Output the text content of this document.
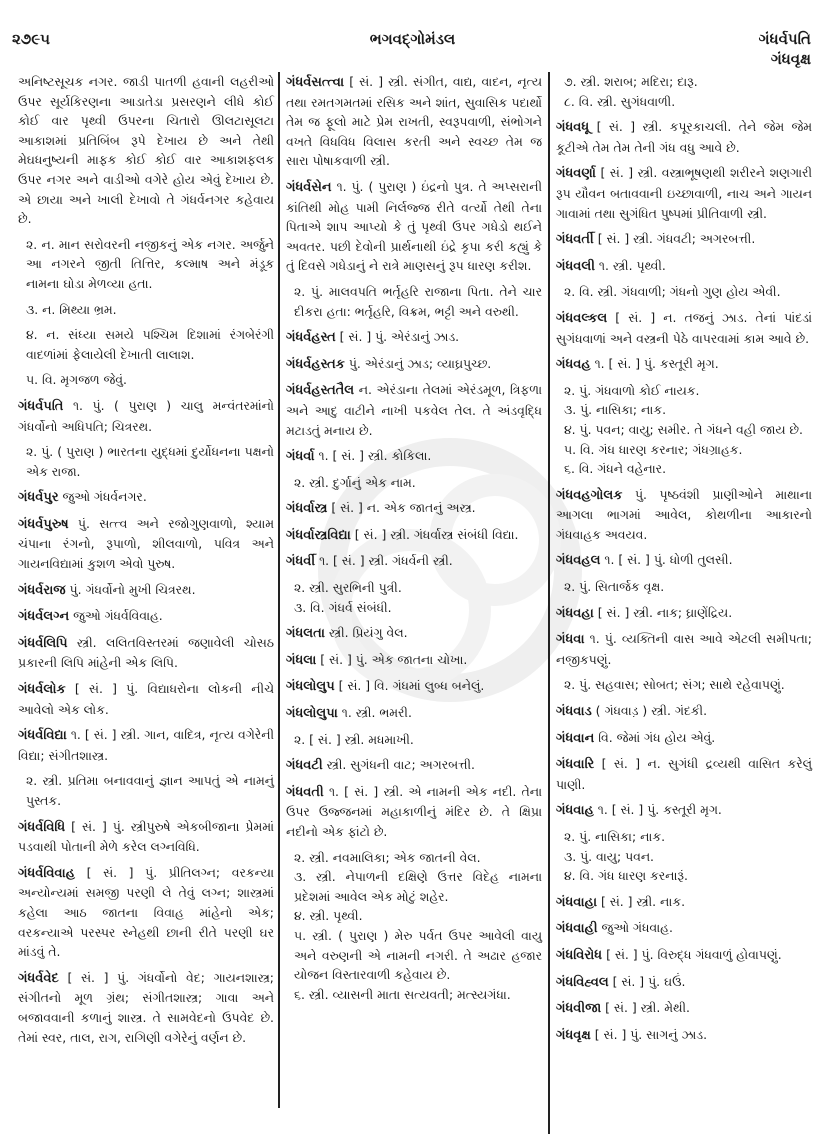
૨૭૯૫	ભગવદ્ગોમંડલ	ગંધર્વપતિ
ગંધવૃક્ષ
અનિષ્ટસૂચક નગર. જાડી પાતળી હવાની લહરીઓ ઉપર સૂર્યકિરણના આડાતેડા પ્રસરણને લીધે કોઈ કોઈ વાર પૃથ્વી ઉપરના ચિતારો ઊલટાસૂલટા આકાશમાં પ્રતિબિંબ રૂપે દેખાય છે અને તેથી મેઘધનુષ્યની માફક કોઈ કોઈ વાર આકાશફલક ઉપર નગર અને વાડીઓ વગેરે હોય એવું દેખાય છે. એ છાયા અને ખાલી દેખાવો તે ગંધર્વનગર કહેવાય છે.
૨. ન. માન સરોવરની નજીકનું એક નગર. અર્જુને આ નગરને જીતી તિત્તિર, કલ્માષ અને મંડૂક નામના ઘોડા મેળવ્યા હતા.
૩. ન. મિથ્યા ભ્રમ.
૪. ન. સંધ્યા સમયે પશ્ચિમ દિશામાં રંગબેરંગી વાદળાંમાં ફેલાયેલી દેખાતી લાલાશ.
૫. વિ. મૃગજળ જેવું.
ગંધર્વપતિ ૧. પું. ( પુરાણ ) ચાલુ મન્વંતરમાંનો ગંધર્વોનો અધિપતિ; ચિત્રરથ.
૨. પું. ( પુરાણ ) ભારતના યુદ્ધમાં દુર્યોધનના પક્ષનો એક રાજા.
ગંધર્વપુર જુઓ ગંધર્વનગર.
ગંધર્વપુરુષ પું. સત્ત્વ અને રજોગુણવાળો, શ્યામ ચંપાના રંગનો, રૂપાળો, શીલવાળો, પવિત્ર અને ગાયનવિદ્યામાં કુશળ એવો પુરુષ.
ગંધર્વરાજ પું. ગંધર્વોનો મુખી ચિત્રરથ.
ગંધર્વલગ્ન જુઓ ગંધર્વવિવાહ.
ગંધર્વલિપિ સ્ત્રી. લલિતવિસ્તરમાં જણાવેલી ચોસઠ પ્રકારની લિપિ માંહેની એક લિપિ.
ગંધર્વલોક [ સં. ] પું. વિદ્યાધરોના લોકની નીચે આવેલો એક લોક.
ગંધર્વવિદ્યા ૧. [ સં. ] સ્ત્રી. ગાન, વાદિત્ર, નૃત્ય વગેરેની વિદ્યા; સંગીતશાસ્ત્ર.
૨. સ્ત્રી. પ્રતિમા બનાવવાનું જ્ઞાન આપતું એ નામનું પુસ્તક.
ગંધર્વવિધિ [ સં. ] પું. સ્ત્રીપુરુષે એકબીજાના પ્રેમમાં પડવાથી પોતાની મેળે કરેલ લગ્નવિધિ.
ગંધર્વવિવાહ [ સં. ] પું. પ્રીતિલગ્ન; વરકન્યા અન્યોન્યમાં સમજી પરણી લે તેવું લગ્ન; શાસ્ત્રમાં કહેલા આઠ જાતના વિવાહ માંહેનો એક; વરકન્યાએ પરસ્પર સ્નેહથી છાની રીતે પરણી ઘર માંડવું તે.
ગંધર્વવેદ [ સં. ] પું. ગંધર્વોનો વેદ; ગાયનશાસ્ત્ર; સંગીતનો મૂળ ગ્રંથ; સંગીતશાસ્ત્ર; ગાવા અને બજાવવાની કળાનું શાસ્ત્ર. તે સામવેદનો ઉપવેદ છે. તેમાં સ્વર, તાલ, રાગ, રાગિણી વગેરેનું વર્ણન છે.
ગંધર્વસત્ત્વા [ સં. ] સ્ત્રી. સંગીત, વાદ્ય, વાદન, નૃત્ય તથા રમતગમતમાં રસિક અને શાંત, સુવાસિક પદાર્થો તેમ જ ફૂલો માટે પ્રેમ રાખતી, સ્વરૂપવાળી, સંભોગને વખતે વિધવિધ વિલાસ કરતી અને સ્વચ્છ તેમ જ સારા પોષાકવાળી સ્ત્રી.
ગંધર્વસેન ૧. પું. ( પુરાણ ) ઇંદ્રનો પુત્ર. તે અપ્સરાની કાંતિથી મોહ પામી નિર્લજ્જ રીતે વર્ત્યો તેથી તેના પિતાએ શાપ આપ્યો કે તું પૃથ્વી ઉપર ગધેડો થઈને અવતર. પછી દેવોની પ્રાર્થનાથી ઇંદ્રે કૃપા કરી કહ્યું કે તું દિવસે ગધેડાનું ને રાત્રે માણસનું રૂપ ધારણ કરીશ.
૨. પું. માલવપતિ ભર્તૃહરિ રાજાના પિતા. તેને ચાર દીકરા હતા: ભર્તૃહરિ, વિક્રમ, ભટ્ટી અને વરુથી.
ગંધર્વહસ્ત [ સં. ] પું. એરંડાનું ઝાડ.
ગંધર્વહસ્તક પું. એરંડાનું ઝાડ; વ્યાઘ્રપુચ્છ.
ગંધર્વહસ્તતૈલ ન. એરંડાના તેલમાં એરંડમૂળ, ત્રિફળા અને આદુ વાટીને નાખી પકવેલ તેલ. તે અંડવૃદ્ધિ મટાડતું મનાય છે.
ગંધર્વા ૧. [ સં. ] સ્ત્રી. કોકિલા.
૨. સ્ત્રી. દુર્ગાનું એક નામ.
ગંધર્વાસ્ત્ર [ સં. ] ન. એક જાતનું અસ્ત્ર.
ગંધર્વાસ્ત્રવિદ્યા [ સં. ] સ્ત્રી. ગંધર્વાસ્ત્ર સંબંધી વિદ્યા.
ગંધર્વી ૧. [ સં. ] સ્ત્રી. ગંધર્વની સ્ત્રી.
૨. સ્ત્રી. સુરભિની પુત્રી.
૩. વિ. ગંધર્વ સંબંધી.
ગંધલતા સ્ત્રી. પ્રિયંગુ વેલ.
ગંધલા [ સં. ] પું. એક જાતના ચોખા.
ગંધલોલુપ [ સં. ] વિ. ગંધમાં લુબ્ધ બનેલું.
ગંધલોલુપા ૧. સ્ત્રી. ભમરી.
૨. [ સં. ] સ્ત્રી. મધમાખી.
ગંધવટી સ્ત્રી. સુગંધની વાટ; અગરબત્તી.
ગંધવતી ૧. [ સં. ] સ્ત્રી. એ નામની એક નદી. તેના ઉપર ઉજ્જનમાં મહાકાળીનું મંદિર છે. તે ક્ષિપ્રા નદીનો એક ફાંટો છે.
૨. સ્ત્રી. નવમાલિકા; એક જાતની વેલ.
૩. સ્ત્રી. નેપાળની દક્ષિણે ઉત્તર વિદેહ નામના પ્રદેશમાં આવેલ એક મોટું શહેર.
૪. સ્ત્રી. પૃથ્વી.
૫. સ્ત્રી. ( પુરાણ ) મેરુ પર્વત ઉપર આવેલી વાયુ અને વરુણની એ નામની નગરી. તે અઢાર હજાર યોજન વિસ્તારવાળી કહેવાય છે.
૬. સ્ત્રી. વ્યાસની માતા સત્યવતી; મત્સ્યગંધા.
૭. સ્ત્રી. શરાબ; મદિરા; દારૂ.
૮. વિ. સ્ત્રી. સુગંધવાળી.
ગંધવધૂ [ સં. ] સ્ત્રી. કપૂરકાચલી. તેને જેમ જેમ કૂટીએ તેમ તેમ તેની ગંધ વધુ આવે છે.
ગંધવર્ણા [ સં. ] સ્ત્રી. વસ્ત્રાભૂષણથી શરીરને શણગારી રૂપ યૌવન બતાવવાની ઇચ્છાવાળી, નાચ અને ગાયન ગાવામાં તથા સુગંધિત પુષ્પમાં પ્રીતિવાળી સ્ત્રી.
ગંધવર્તી [ સં. ] સ્ત્રી. ગંધવટી; અગરબત્તી.
ગંધવલી ૧. સ્ત્રી. પૃથ્વી.
૨. વિ. સ્ત્રી. ગંધવાળી; ગંધનો ગુણ હોય એવી.
ગંધવલ્કલ [ સં. ] ન. તજનું ઝાડ. તેનાં પાંદડાં સુગંધવાળાં અને વસ્ત્રની પેઠે વાપરવામાં કામ આવે છે.
ગંધવહ ૧. [ સં. ] પું. કસ્તૂરી મૃગ.
૨. પું. ગંધવાળો કોઈ નાયક.
૩. પું. નાસિકા; નાક.
૪. પું. પવન; વાયુ; સમીર. તે ગંધને વહી જાય છે.
૫. વિ. ગંધ ધારણ કરનાર; ગંધગ્રાહક.
૬. વિ. ગંધને વહેનાર.
ગંધવહગોલક પું. પૃષ્ઠવંશી પ્રાણીઓને માથાના આગલા ભાગમાં આવેલ, કોથળીના આકારનો ગંધવાહક અવયવ.
ગંધવહલ ૧. [ સં. ] પું. ધોળી તુલસી.
૨. પું. સિતાર્જક વૃક્ષ.
ગંધવહા [ સં. ] સ્ત્રી. નાક; ઘ્રાણેંદ્રિય.
ગંધવા ૧. પું. વ્યક્તિની વાસ આવે એટલી સમીપતા; નજીકપણું.
૨. પું. સહવાસ; સોબત; સંગ; સાથે રહેવાપણું.
ગંધવાડ ( ગંધવાડ઼ ) સ્ત્રી. ગંદકી.
ગંધવાન વિ. જેમાં ગંધ હોય એવું.
ગંધવારિ [ સં. ] ન. સુગંધી દ્રવ્યથી વાસિત કરેલું પાણી.
ગંધવાહ ૧. [ સં. ] પું. કસ્તૂરી મૃગ.
૨. પું. નાસિકા; નાક.
૩. પું. વાયુ; પવન.
૪. વિ. ગંધ ધારણ કરનારૂં.
ગંધવાહા [ સં. ] સ્ત્રી. નાક.
ગંધવાહી જુઓ ગંધવાહ.
ગંધવિરોધ [ સં. ] પું. વિરુદ્ધ ગંધવાળું હોવાપણું.
ગંધવિહ્વલ [ સં. ] પું. ઘઉં.
ગંધવીજા [ સં. ] સ્ત્રી. મેથી.
ગંધવૃક્ષ [ સં. ] પું. સાગનું ઝાડ.
